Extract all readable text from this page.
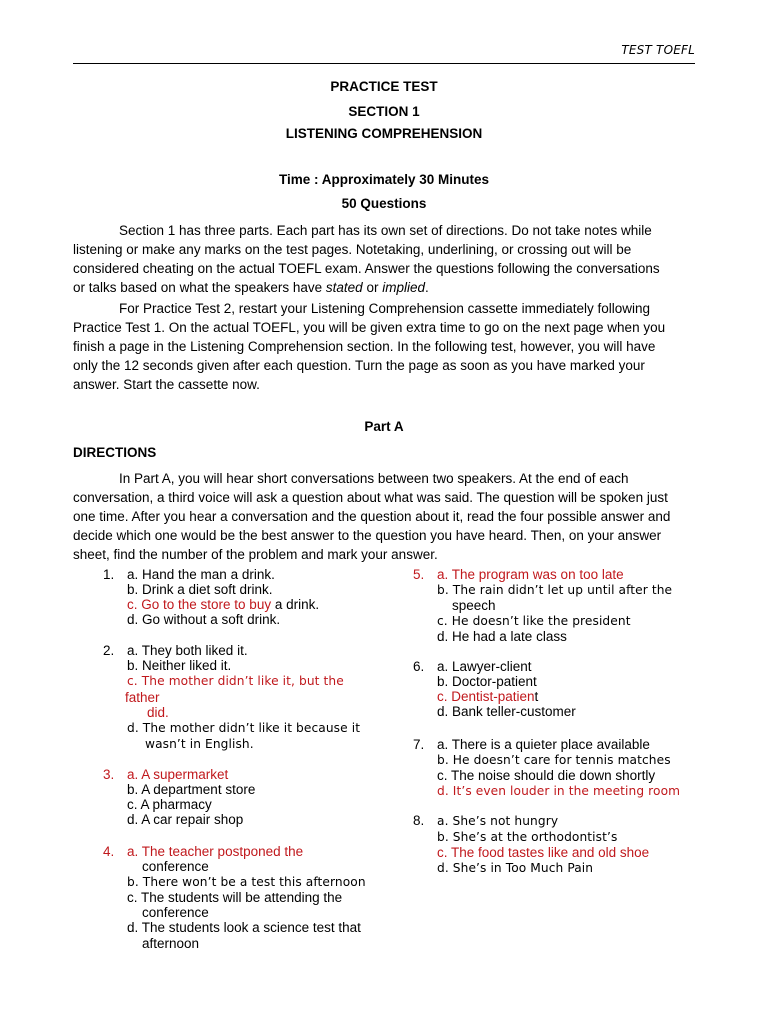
TEST TOEFL
PRACTICE TEST
SECTION 1
LISTENING COMPREHENSION
Time : Approximately 30 Minutes
50 Questions
Section 1 has three parts. Each part has its own set of directions. Do not take notes while
listening or make any marks on the test pages. Notetaking, underlining, or crossing out will be
considered cheating on the actual TOEFL exam. Answer the questions following the conversations
or talks based on what the speakers have stated or implied.
For Practice Test 2, restart your Listening Comprehension cassette immediately following
Practice Test 1. On the actual TOEFL, you will be given extra time to go on the next page when you
finish a page in the Listening Comprehension section. In the following test, however, you will have
only the 12 seconds given after each question. Turn the page as soon as you have marked your
answer. Start the cassette now.
Part A
DIRECTIONS
In Part A, you will hear short conversations between two speakers. At the end of each
conversation, a third voice will ask a question about what was said. The question will be spoken just
one time. After you hear a conversation and the question about it, read the four possible answer and
decide which one would be the best answer to the question you have heard. Then, on your answer
sheet, find the number of the problem and mark your answer.
1. a. Hand the man a drink.
b. Drink a diet soft drink.
c. Go to the store to buy a drink.
d. Go without a soft drink.
2. a. They both liked it.
b. Neither liked it.
c. The mother didn’t like it, but the
father
did.
d. The mother didn’t like it because it
wasn’t in English.
3. a. A supermarket
b. A department store
c. A pharmacy
d. A car repair shop
4. a. The teacher postponed the
conference
b. There won’t be a test this afternoon
c. The students will be attending the
conference
d. The students look a science test that
afternoon
5. a. The program was on too late
b. The rain didn’t let up until after the
speech
c. He doesn’t like the president
d. He had a late class
6. a. Lawyer-client
b. Doctor-patient
c. Dentist-patient
d. Bank teller-customer
7. a. There is a quieter place available
b. He doesn’t care for tennis matches
c. The noise should die down shortly
d. It’s even louder in the meeting room
8. a. She’s not hungry
b. She’s at the orthodontist’s
c. The food tastes like and old shoe
d. She’s in Too Much Pain
